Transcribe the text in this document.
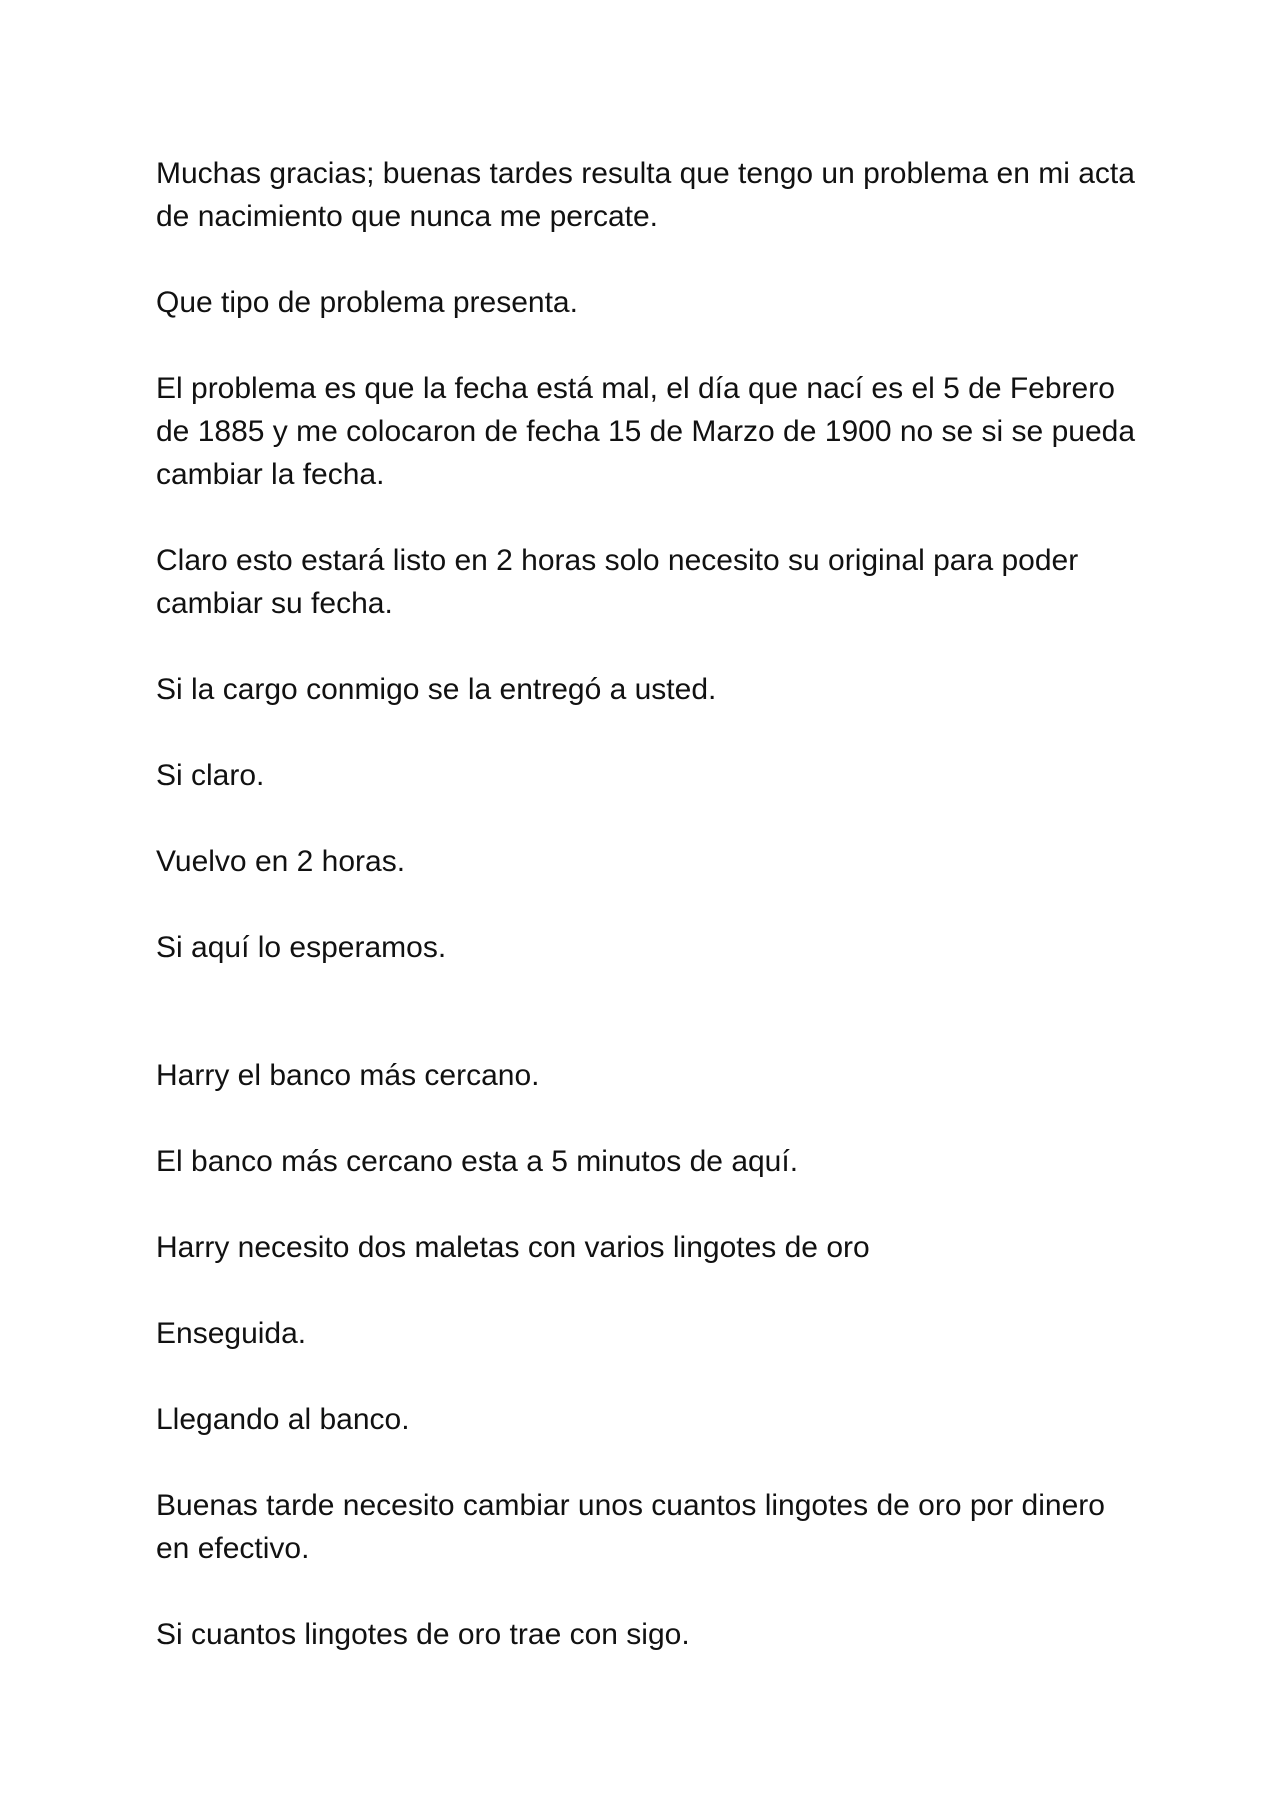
Muchas gracias; buenas tardes resulta que tengo un problema en mi acta de nacimiento que nunca me percate.

Que tipo de problema presenta.

El problema es que la fecha está mal, el día que nací es el 5 de Febrero de 1885 y me colocaron de fecha 15 de Marzo de 1900 no se si se pueda cambiar la fecha.

Claro esto estará listo en 2 horas solo necesito su original para poder cambiar su fecha.

Si la cargo conmigo se la entregó a usted.

Si claro.

Vuelvo en 2 horas.

Si aquí lo esperamos.

Harry el banco más cercano.

El banco más cercano esta a 5 minutos de aquí.

Harry necesito dos maletas con varios lingotes de oro

Enseguida.

Llegando al banco.

Buenas tarde necesito cambiar unos cuantos lingotes de oro por dinero en efectivo.

Si cuantos lingotes de oro trae con sigo.
